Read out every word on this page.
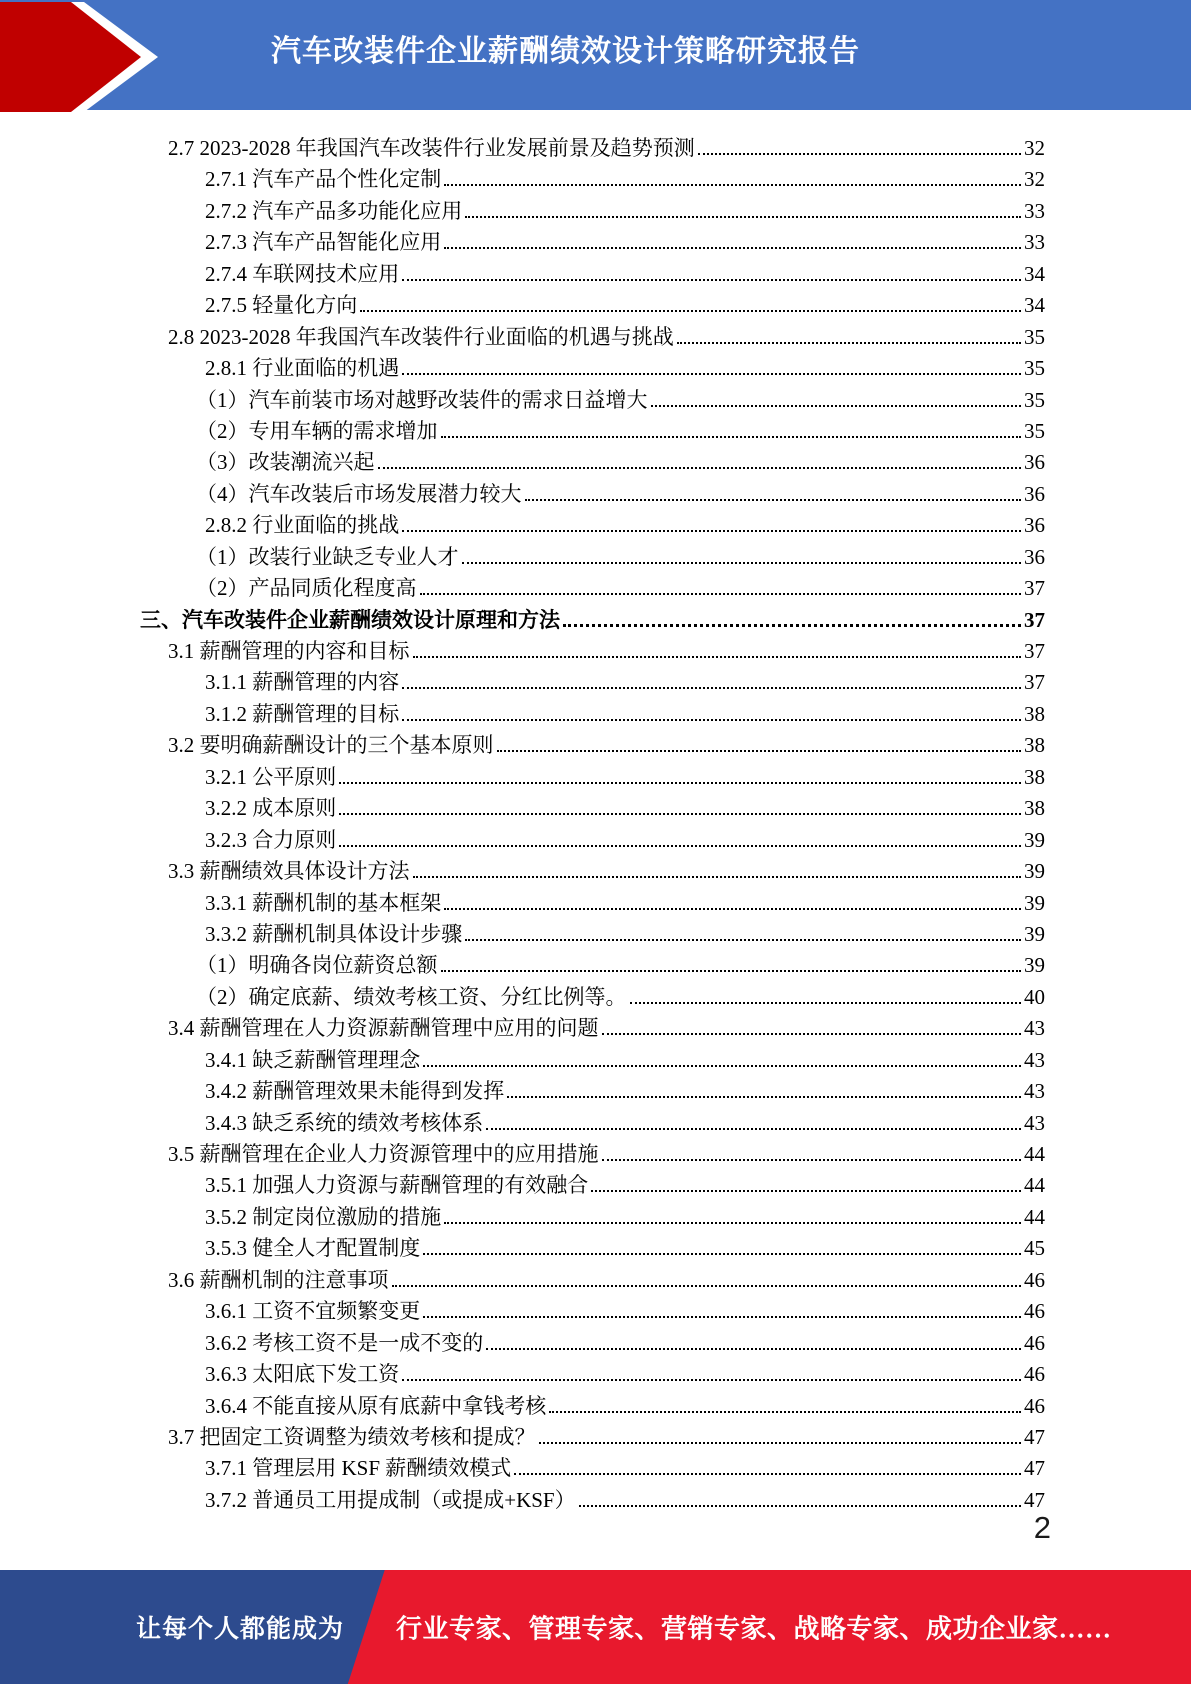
汽车改装件企业薪酬绩效设计策略研究报告
2.7 2023-2028 年我国汽车改装件行业发展前景及趋势预测	32
2.7.1 汽车产品个性化定制	32
2.7.2 汽车产品多功能化应用	33
2.7.3 汽车产品智能化应用	33
2.7.4 车联网技术应用	34
2.7.5 轻量化方向	34
2.8 2023-2028 年我国汽车改装件行业面临的机遇与挑战	35
2.8.1 行业面临的机遇	35
（1）汽车前装市场对越野改装件的需求日益增大	35
（2）专用车辆的需求增加	35
（3）改装潮流兴起	36
（4）汽车改装后市场发展潜力较大	36
2.8.2 行业面临的挑战	36
（1）改装行业缺乏专业人才	36
（2）产品同质化程度高	37
三、汽车改装件企业薪酬绩效设计原理和方法	37
3.1 薪酬管理的内容和目标	37
3.1.1 薪酬管理的内容	37
3.1.2 薪酬管理的目标	38
3.2 要明确薪酬设计的三个基本原则	38
3.2.1 公平原则	38
3.2.2 成本原则	38
3.2.3 合力原则	39
3.3 薪酬绩效具体设计方法	39
3.3.1 薪酬机制的基本框架	39
3.3.2 薪酬机制具体设计步骤	39
（1）明确各岗位薪资总额	39
（2）确定底薪、绩效考核工资、分红比例等。	40
3.4 薪酬管理在人力资源薪酬管理中应用的问题	43
3.4.1 缺乏薪酬管理理念	43
3.4.2 薪酬管理效果未能得到发挥	43
3.4.3 缺乏系统的绩效考核体系	43
3.5 薪酬管理在企业人力资源管理中的应用措施	44
3.5.1 加强人力资源与薪酬管理的有效融合	44
3.5.2 制定岗位激励的措施	44
3.5.3 健全人才配置制度	45
3.6 薪酬机制的注意事项	46
3.6.1 工资不宜频繁变更	46
3.6.2 考核工资不是一成不变的	46
3.6.3 太阳底下发工资	46
3.6.4 不能直接从原有底薪中拿钱考核	46
3.7 把固定工资调整为绩效考核和提成？	47
3.7.1 管理层用 KSF 薪酬绩效模式	47
3.7.2 普通员工用提成制（或提成+KSF）	47
2
让每个人都能成为 行业专家、管理专家、营销专家、战略专家、成功企业家……
